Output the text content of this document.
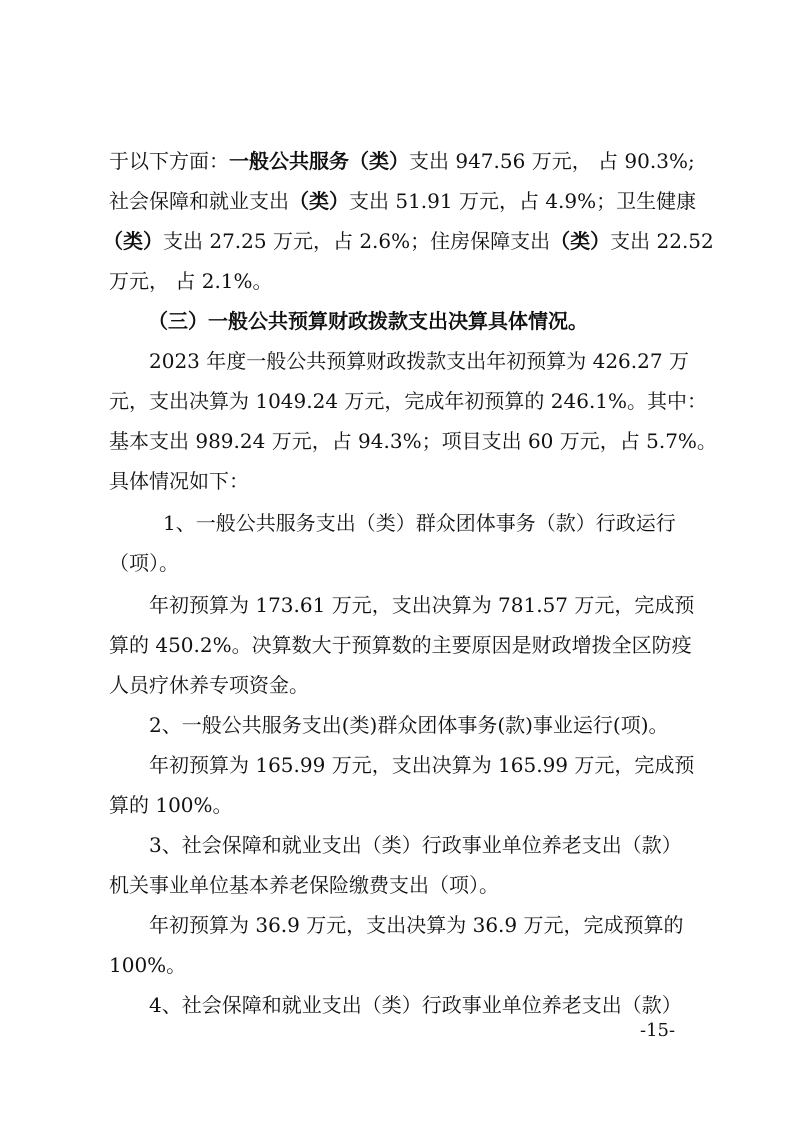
于以下方面：一般公共服务（类）支出 947.56 万元， 占 90.3%;
社会保障和就业支出（类）支出 51.91 万元，占 4.9%；卫生健康
（类）支出 27.25 万元，占 2.6%；住房保障支出（类）支出 22.52
万元， 占 2.1%。
（三）一般公共预算财政拨款支出决算具体情况。
2023 年度一般公共预算财政拨款支出年初预算为 426.27 万
元，支出决算为 1049.24 万元，完成年初预算的 246.1%。其中：
基本支出 989.24 万元，占 94.3%；项目支出 60 万元，占 5.7%。
具体情况如下：
1、一般公共服务支出（类）群众团体事务（款）行政运行
（项）。
年初预算为 173.61 万元，支出决算为 781.57 万元，完成预
算的 450.2%。决算数大于预算数的主要原因是财政增拨全区防疫
人员疗休养专项资金。
2、一般公共服务支出(类)群众团体事务(款)事业运行(项)。
年初预算为 165.99 万元，支出决算为 165.99 万元，完成预
算的 100%。
3、社会保障和就业支出（类）行政事业单位养老支出（款）
机关事业单位基本养老保险缴费支出（项）。
年初预算为 36.9 万元，支出决算为 36.9 万元，完成预算的
100%。
4、社会保障和就业支出（类）行政事业单位养老支出（款）
-15-
